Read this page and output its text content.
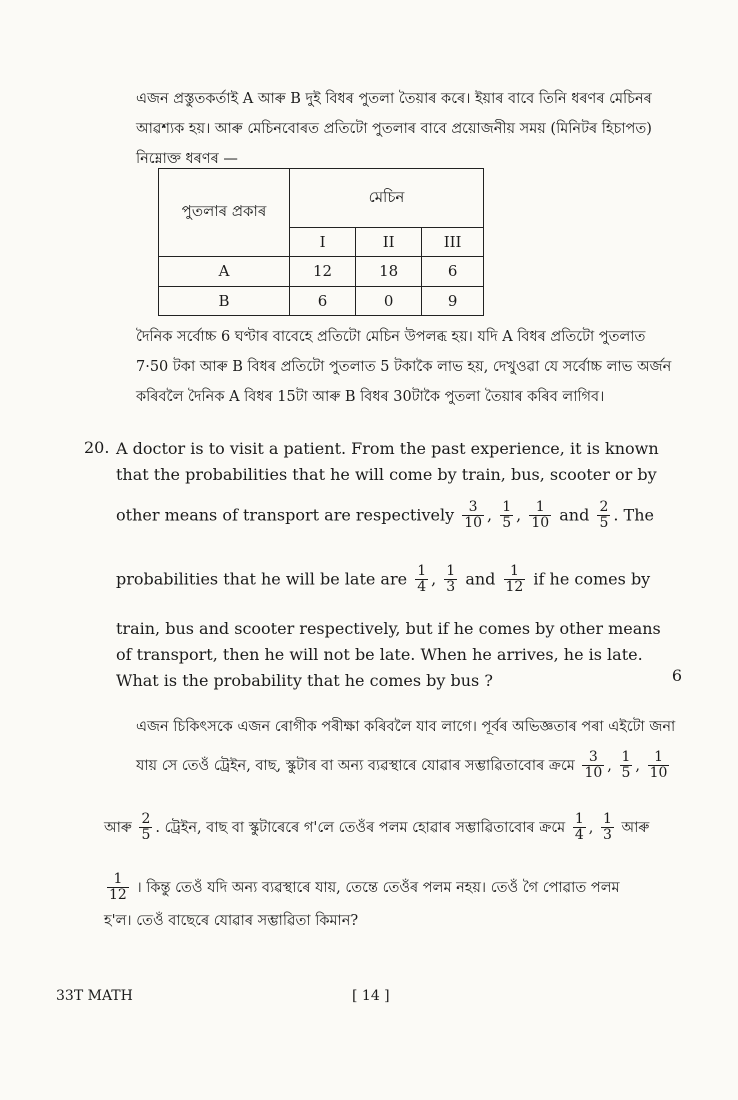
এজন প্রস্তুতকর্তাই A আৰু B দুই বিধৰ পুতলা তৈয়াৰ কৰে। ইয়াৰ বাবে তিনি ধৰণৰ মেচিনৰ
আৱশ্যক হয়। আৰু মেচিনবোৰত প্ৰতিটো পুতলাৰ বাবে প্ৰয়োজনীয় সময় (মিনিটৰ হিচাপত)
নিম্নোক্ত ধৰণৰ —
পুতলাৰ প্ৰকাৰ	মেচিন		
	I	II	III
A	12	18	6
B	6	0	9
দৈনিক সৰ্বোচ্চ 6 ঘণ্টাৰ বাবেহে প্ৰতিটো মেচিন উপলব্ধ হয়। যদি A বিধৰ প্ৰতিটো পুতলাত
7·50 টকা আৰু B বিধৰ প্ৰতিটো পুতলাত 5 টকাকৈ লাভ হয়, দেখুওৱা যে সৰ্বোচ্চ লাভ অৰ্জন
কৰিবলৈ দৈনিক A বিধৰ 15টা আৰু B বিধৰ 30টাকৈ পুতলা তৈয়াৰ কৰিব লাগিব।
20. A doctor is to visit a patient. From the past experience, it is known
that the probabilities that he will come by train, bus, scooter or by
other means of transport are respectively $\frac{3}{10}$ , $\frac{1}{5}$ , $\frac{1}{10}$ and $\frac{2}{5}$ . The
probabilities that he will be late are $\frac{1}{4}$ , $\frac{1}{3}$ and $\frac{1}{12}$ if he comes by
train, bus and scooter respectively, but if he comes by other means
of transport, then he will not be late. When he arrives, he is late.
What is the probability that he comes by bus ?	6
এজন চিকিৎসকে এজন ৰোগীক পৰীক্ষা কৰিবলৈ যাব লাগে। পূৰ্বৰ অভিজ্ঞতাৰ পৰা এইটো জনা
যায় সে তেওঁ ট্ৰেইন, বাছ, স্কুটাৰ বা অন্য ব্যৱস্থাৰে যোৱাৰ সম্ভাৱিতাবোৰ ক্ৰমে $\frac{3}{10}$ , $\frac{1}{5}$ , $\frac{1}{10}$
আৰু $\frac{2}{5}$ . ট্ৰেইন, বাছ বা স্কুটাৰেৰে গ'লে তেওঁৰ পলম হোৱাৰ সম্ভাৱিতাবোৰ ক্ৰমে $\frac{1}{4}$ , $\frac{1}{3}$ আৰু
$\frac{1}{12}$ । কিন্তু তেওঁ যদি অন্য ব্যৱস্থাৰে যায়, তেন্তে তেওঁৰ পলম নহয়। তেওঁ গৈ পোৱাত পলম
হ'ল। তেওঁ বাছেৰে যোৱাৰ সম্ভাৱিতা কিমান?
33T MATH	[ 14 ]
